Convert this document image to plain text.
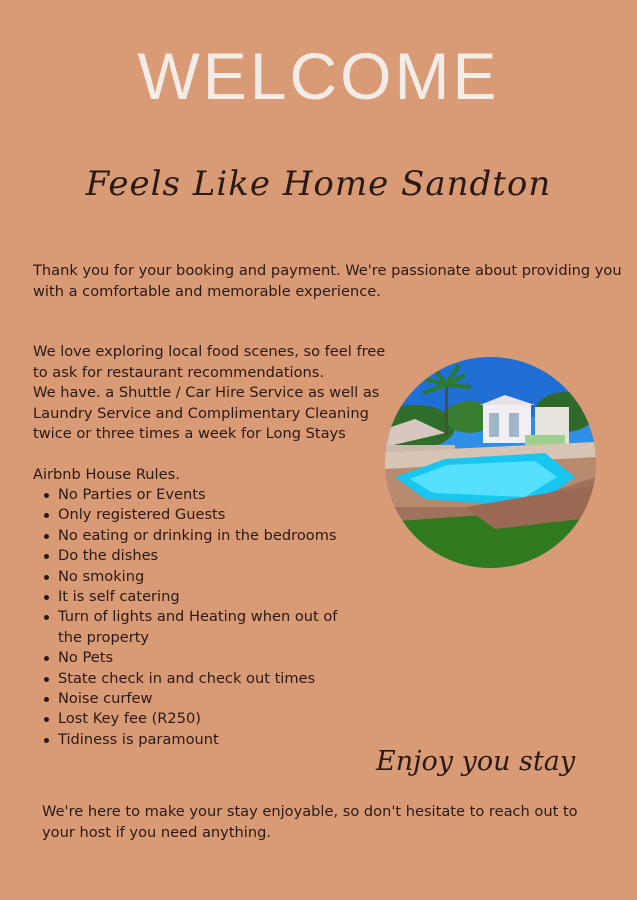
WELCOME
Feels Like Home Sandton
Thank you for your booking and payment. We're passionate about providing you
with a comfortable and memorable experience.
We love exploring local food scenes, so feel free
to ask for restaurant recommendations.
We have. a Shuttle / Car Hire Service as well as
Laundry Service and Complimentary Cleaning
twice or three times a week for Long Stays
Airbnb House Rules.
No Parties or Events
Only registered Guests
No eating or drinking in the bedrooms
Do the dishes
No smoking
It is self catering
Turn of lights and Heating when out of the property
No Pets
State check in and check out times
Noise curfew
Lost Key fee (R250)
Tidiness is paramount
Enjoy you stay
We're here to make your stay enjoyable, so don't hesitate to reach out to
your host if you need anything.
